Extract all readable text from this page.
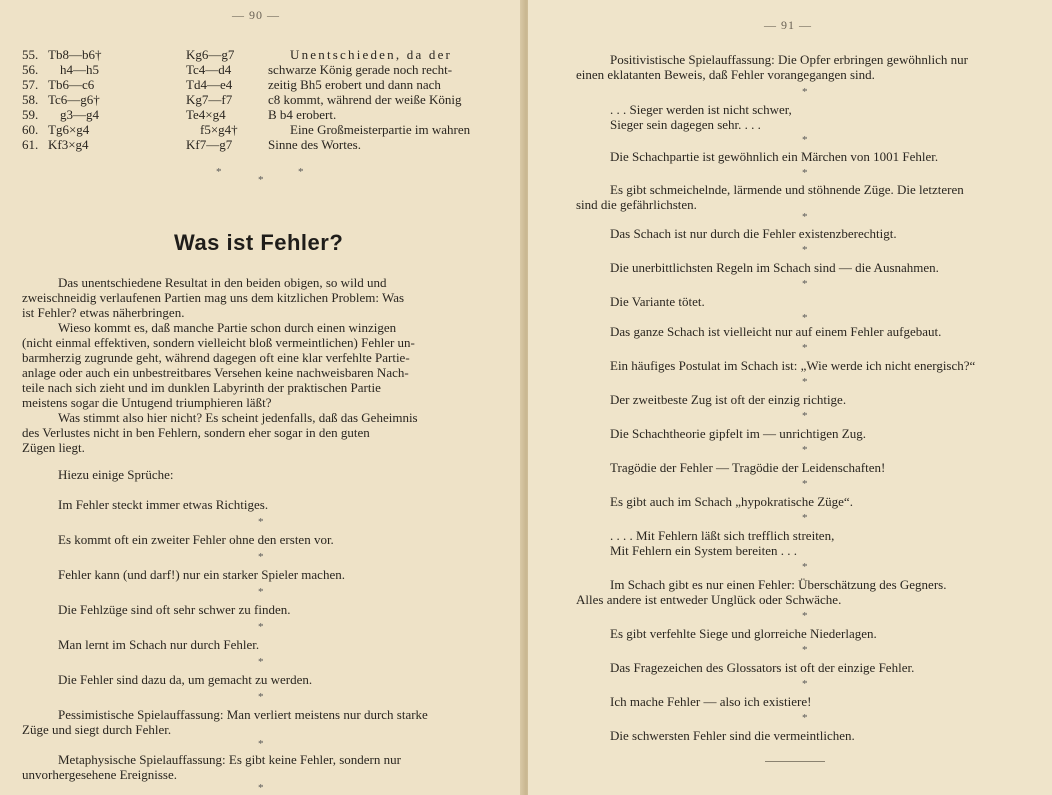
— 90 —
55. Tb8—b6†	Kg6—g7
56. h4—h5	Tc4—d4
57. Tb6—c6	Td4—e4
58. Tc6—g6†	Kg7—f7
59. g3—g4	Te4×g4
60. Tg6×g4	f5×g4†
61. Kf3×g4	Kf7—g7
Unentschieden, da der
schwarze König gerade noch recht-
zeitig Bh5 erobert und dann nach
c8 kommt, während der weiße König
B b4 erobert.
Eine Großmeisterpartie im wahren
Sinne des Wortes.
*
*
*
Was ist Fehler?
Das unentschiedene Resultat in den beiden obigen, so wild und
zweischneidig verlaufenen Partien mag uns dem kitzlichen Problem: Was
ist Fehler? etwas näherbringen.
Wieso kommt es, daß manche Partie schon durch einen winzigen
(nicht einmal effektiven, sondern vielleicht bloß vermeintlichen) Fehler un-
barmherzig zugrunde geht, während dagegen oft eine klar verfehlte Partie-
anlage oder auch ein unbestreitbares Versehen keine nachweisbaren Nach-
teile nach sich zieht und im dunklen Labyrinth der praktischen Partie
meistens sogar die Untugend triumphieren läßt?
Was stimmt also hier nicht? Es scheint jedenfalls, daß das Geheimnis
des Verlustes nicht in ben Fehlern, sondern eher sogar in den guten
Zügen liegt.
Hiezu einige Sprüche:
Im Fehler steckt immer etwas Richtiges.
*
Es kommt oft ein zweiter Fehler ohne den ersten vor.
*
Fehler kann (und darf!) nur ein starker Spieler machen.
*
Die Fehlzüge sind oft sehr schwer zu finden.
*
Man lernt im Schach nur durch Fehler.
*
Die Fehler sind dazu da, um gemacht zu werden.
*
Pessimistische Spielauffassung: Man verliert meistens nur durch starke
Züge und siegt durch Fehler.
*
Metaphysische Spielauffassung: Es gibt keine Fehler, sondern nur
unvorhergesehene Ereignisse.
*
— 91 —
Positivistische Spielauffassung: Die Opfer erbringen gewöhnlich nur
einen eklatanten Beweis, daß Fehler vorangegangen sind.
*
. . . Sieger werden ist nicht schwer,
Sieger sein dagegen sehr. . . .
*
Die Schachpartie ist gewöhnlich ein Märchen von 1001 Fehler.
*
Es gibt schmeichelnde, lärmende und stöhnende Züge. Die letzteren
sind die gefährlichsten.
*
Das Schach ist nur durch die Fehler existenzberechtigt.
*
Die unerbittlichsten Regeln im Schach sind — die Ausnahmen.
*
Die Variante tötet.
*
Das ganze Schach ist vielleicht nur auf einem Fehler aufgebaut.
*
Ein häufiges Postulat im Schach ist: „Wie werde ich nicht energisch?“
*
Der zweitbeste Zug ist oft der einzig richtige.
*
Die Schachtheorie gipfelt im — unrichtigen Zug.
*
Tragödie der Fehler — Tragödie der Leidenschaften!
*
Es gibt auch im Schach „hypokratische Züge“.
*
. . . . Mit Fehlern läßt sich trefflich streiten,
Mit Fehlern ein System bereiten . . .
*
Im Schach gibt es nur einen Fehler: Überschätzung des Gegners.
Alles andere ist entweder Unglück oder Schwäche.
*
Es gibt verfehlte Siege und glorreiche Niederlagen.
*
Das Fragezeichen des Glossators ist oft der einzige Fehler.
*
Ich mache Fehler — also ich existiere!
*
Die schwersten Fehler sind die vermeintlichen.
